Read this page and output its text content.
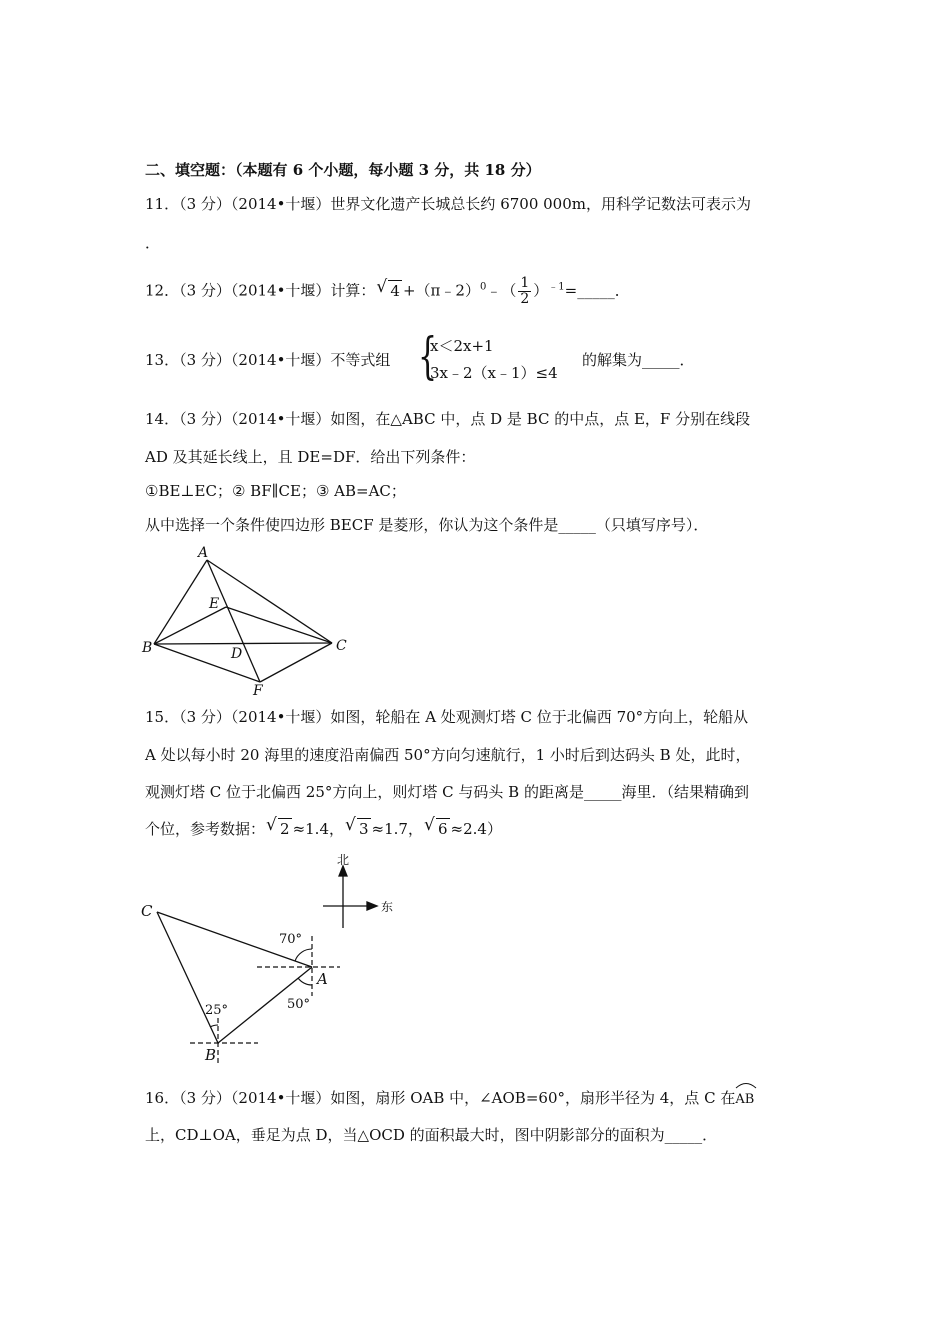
二、填空题：（本题有 6 个小题，每小题 3 分，共 18 分）
11．（3 分）（2014•十堰）世界文化遗产长城总长约 6700 000m，用科学记数法可表示为
．
12．（3 分）（2014•十堰）计算： √ 4 +（π﹣2）$^0$﹣（ $\frac{1}{2}$ ）$^{﹣1}$=_____．
13．（3 分）（2014•十堰）不等式组 {
x＜2x+1
3x﹣2（x﹣1）≤4
的解集为_____．
14．（3 分）（2014•十堰）如图，在△ABC 中，点 D 是 BC 的中点，点 E，F 分别在线段
AD 及其延长线上，且 DE=DF．给出下列条件：
①BE⊥EC；② BF∥CE；③ AB=AC；
从中选择一个条件使四边形 BECF 是菱形，你认为这个条件是_____（只填写序号）．
A
B	C
D
E
F
15．（3 分）（2014•十堰）如图，轮船在 A 处观测灯塔 C 位于北偏西 70°方向上，轮船从
A 处以每小时 20 海里的速度沿南偏西 50°方向匀速航行，1 小时后到达码头 B 处，此时，
观测灯塔 C 位于北偏西 25°方向上，则灯塔 C 与码头 B 的距离是_____海里．（结果精确到
个位，参考数据： √ 2 ≈1.4， √ 3 ≈1.7， √ 6 ≈2.4）
北
东
C
A
B
70°
50°
25°
16．（3 分）（2014•十堰）如图，扇形 OAB 中，∠AOB=60°，扇形半径为 4，点 C 在
AB
上，CD⊥OA，垂足为点 D，当△OCD 的面积最大时，图中阴影部分的面积为_____．
